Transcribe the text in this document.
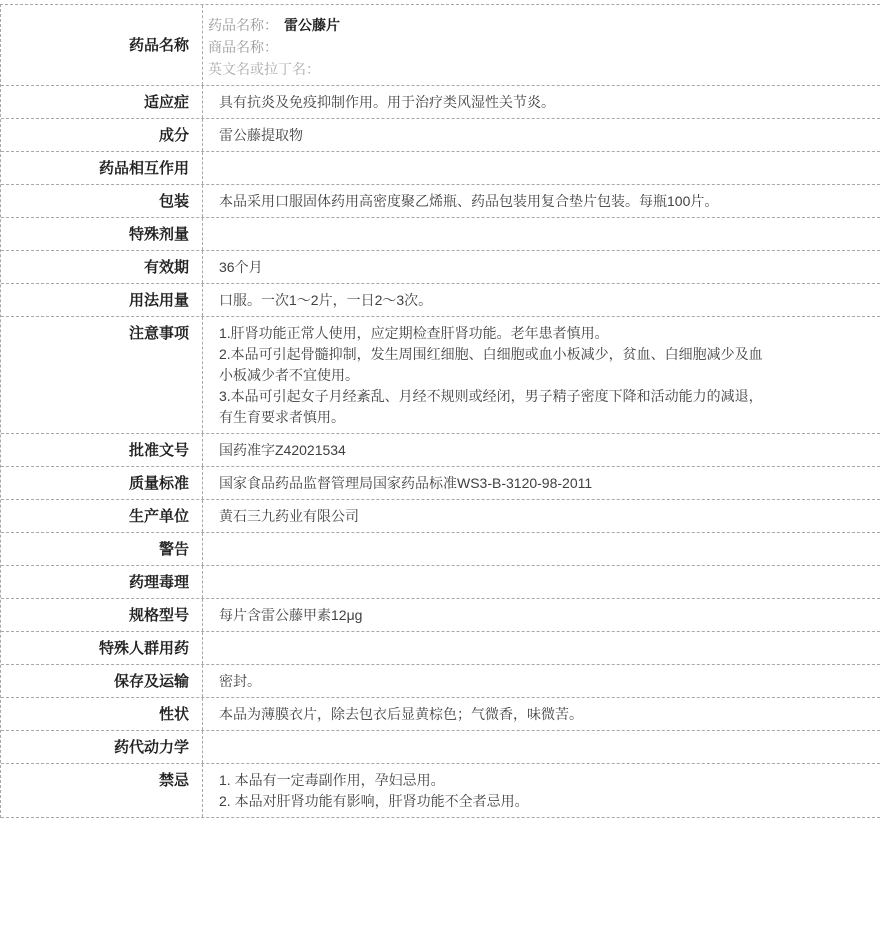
药品名称
药品名称： 雷公藤片
商品名称：
英文名或拉丁名：
适应症	具有抗炎及免疫抑制作用。用于治疗类风湿性关节炎。
成分	雷公藤提取物
药品相互作用
包装	本品采用口服固体药用高密度聚乙烯瓶、药品包装用复合垫片包装。每瓶100片。
特殊剂量
有效期	36个月
用法用量	口服。一次1～2片，一日2～3次。
注意事项	1.肝肾功能正常人使用，应定期检查肝肾功能。老年患者慎用。
2.本品可引起骨髓抑制，发生周围红细胞、白细胞或血小板减少，贫血、白细胞减少及血
小板减少者不宜使用。
3.本品可引起女子月经紊乱、月经不规则或经闭，男子精子密度下降和活动能力的减退，
有生育要求者慎用。
批准文号	国药准字Z42021534
质量标准	国家食品药品监督管理局国家药品标准WS3-B-3120-98-2011
生产单位	黄石三九药业有限公司
警告
药理毒理
规格型号	每片含雷公藤甲素12μg
特殊人群用药
保存及运输	密封。
性状	本品为薄膜衣片，除去包衣后显黄棕色；气微香，味微苦。
药代动力学
禁忌	1. 本品有一定毒副作用，孕妇忌用。
2. 本品对肝肾功能有影响，肝肾功能不全者忌用。
